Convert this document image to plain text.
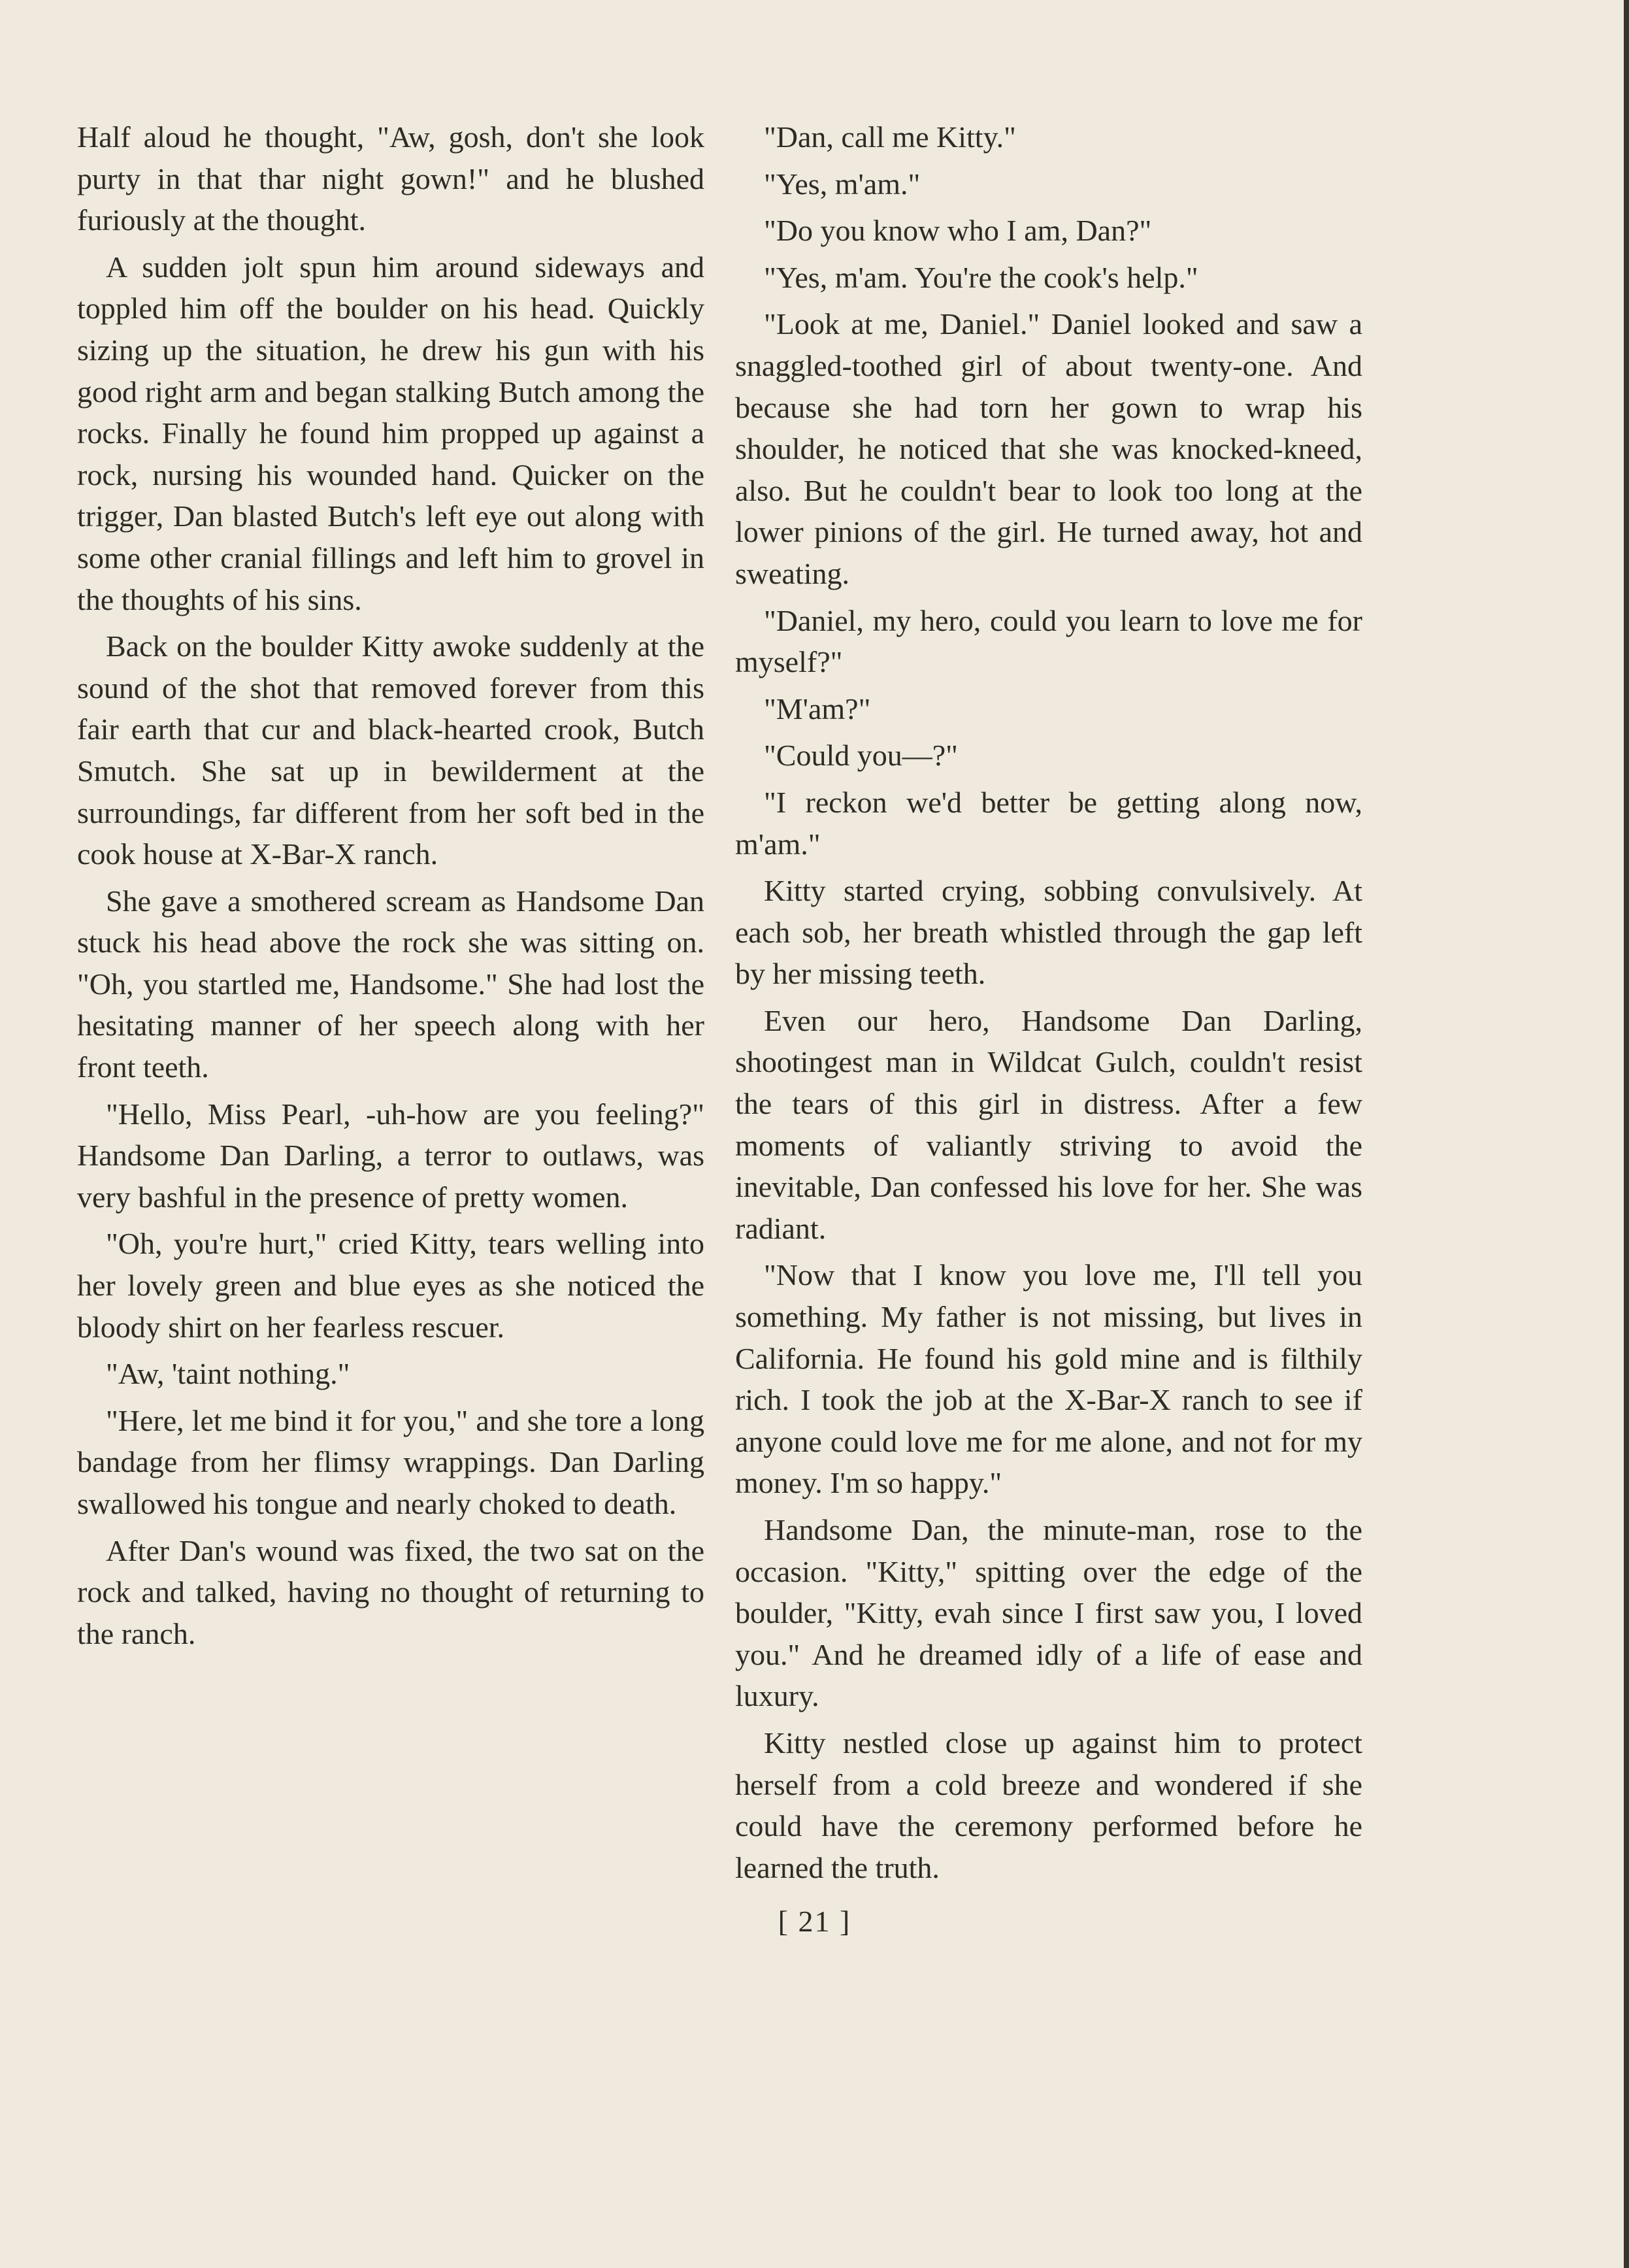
Half aloud he thought, "Aw, gosh, don't she look purty in that thar night gown!" and he blushed furiously at the thought.

A sudden jolt spun him around sideways and toppled him off the boulder on his head. Quickly sizing up the situation, he drew his gun with his good right arm and began stalking Butch among the rocks. Finally he found him propped up against a rock, nursing his wounded hand. Quicker on the trigger, Dan blasted Butch's left eye out along with some other cranial fillings and left him to grovel in the thoughts of his sins.

Back on the boulder Kitty awoke suddenly at the sound of the shot that removed forever from this fair earth that cur and black-hearted crook, Butch Smutch. She sat up in bewilderment at the surroundings, far different from her soft bed in the cook house at X-Bar-X ranch.

She gave a smothered scream as Handsome Dan stuck his head above the rock she was sitting on. "Oh, you startled me, Handsome." She had lost the hesitating manner of her speech along with her front teeth.

"Hello, Miss Pearl, -uh-how are you feeling?" Handsome Dan Darling, a terror to outlaws, was very bashful in the presence of pretty women.

"Oh, you're hurt," cried Kitty, tears welling into her lovely green and blue eyes as she noticed the bloody shirt on her fearless rescuer.

"Aw, 'taint nothing."

"Here, let me bind it for you," and she tore a long bandage from her flimsy wrappings. Dan Darling swallowed his tongue and nearly choked to death.

After Dan's wound was fixed, the two sat on the rock and talked, having no thought of returning to the ranch.

"Dan, call me Kitty."

"Yes, m'am."

"Do you know who I am, Dan?"

"Yes, m'am. You're the cook's help."

"Look at me, Daniel." Daniel looked and saw a snaggled-toothed girl of about twenty-one. And because she had torn her gown to wrap his shoulder, he noticed that she was knocked-kneed, also. But he couldn't bear to look too long at the lower pinions of the girl. He turned away, hot and sweating.

"Daniel, my hero, could you learn to love me for myself?"

"M'am?"

"Could you—?"

"I reckon we'd better be getting along now, m'am."

Kitty started crying, sobbing convulsively. At each sob, her breath whistled through the gap left by her missing teeth.

Even our hero, Handsome Dan Darling, shootingest man in Wildcat Gulch, couldn't resist the tears of this girl in distress. After a few moments of valiantly striving to avoid the inevitable, Dan confessed his love for her. She was radiant.

"Now that I know you love me, I'll tell you something. My father is not missing, but lives in California. He found his gold mine and is filthily rich. I took the job at the X-Bar-X ranch to see if anyone could love me for me alone, and not for my money. I'm so happy."

Handsome Dan, the minute-man, rose to the occasion. "Kitty," spitting over the edge of the boulder, "Kitty, evah since I first saw you, I loved you." And he dreamed idly of a life of ease and luxury.

Kitty nestled close up against him to protect herself from a cold breeze and wondered if she could have the ceremony performed before he learned the truth.

[ 21 ]
